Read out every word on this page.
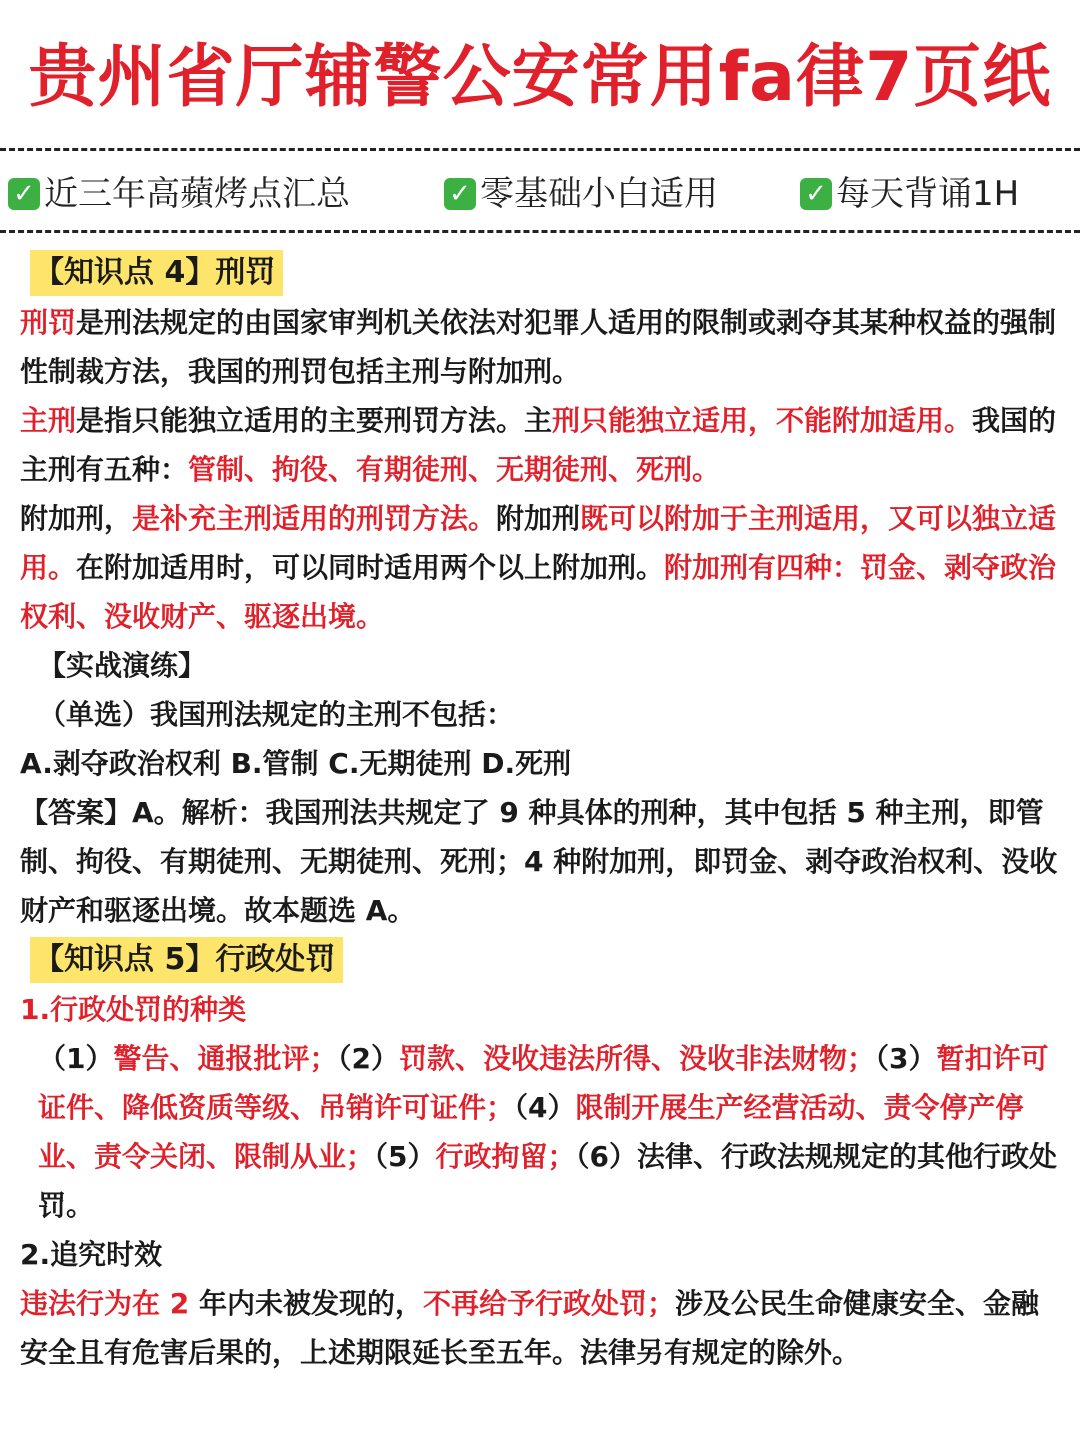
贵州省厅辅警公安常用fa律7页纸
✓ 近三年高蘋烤点汇总	✓ 零基础小白适用	✓ 每天背诵1H

【知识点 4】刑罚

刑罚是刑法规定的由国家审判机关依法对犯罪人适用的限制或剥夺其某种权益的强制性制裁方法，我国的刑罚包括主刑与附加刑。

主刑是指只能独立适用的主要刑罚方法。主刑只能独立适用，不能附加适用。我国的主刑有五种：管制、拘役、有期徒刑、无期徒刑、死刑。

附加刑，是补充主刑适用的刑罚方法。附加刑既可以附加于主刑适用，又可以独立适用。在附加适用时，可以同时适用两个以上附加刑。附加刑有四种：罚金、剥夺政治权利、没收财产、驱逐出境。

【实战演练】

（单选）我国刑法规定的主刑不包括：

A.剥夺政治权利 B.管制 C.无期徒刑 D.死刑

【答案】A。解析：我国刑法共规定了 9 种具体的刑种，其中包括 5 种主刑，即管制、拘役、有期徒刑、无期徒刑、死刑；4 种附加刑，即罚金、剥夺政治权利、没收财产和驱逐出境。故本题选 A。

【知识点 5】行政处罚

1.行政处罚的种类

（1）警告、通报批评；（2）罚款、没收违法所得、没收非法财物；（3）暂扣许可证件、降低资质等级、吊销许可证件；（4）限制开展生产经营活动、责令停产停业、责令关闭、限制从业；（5）行政拘留；（6）法律、行政法规规定的其他行政处罚。

2.追究时效

违法行为在 2 年内未被发现的，不再给予行政处罚；涉及公民生命健康安全、金融安全且有危害后果的，上述期限延长至五年。法律另有规定的除外。
